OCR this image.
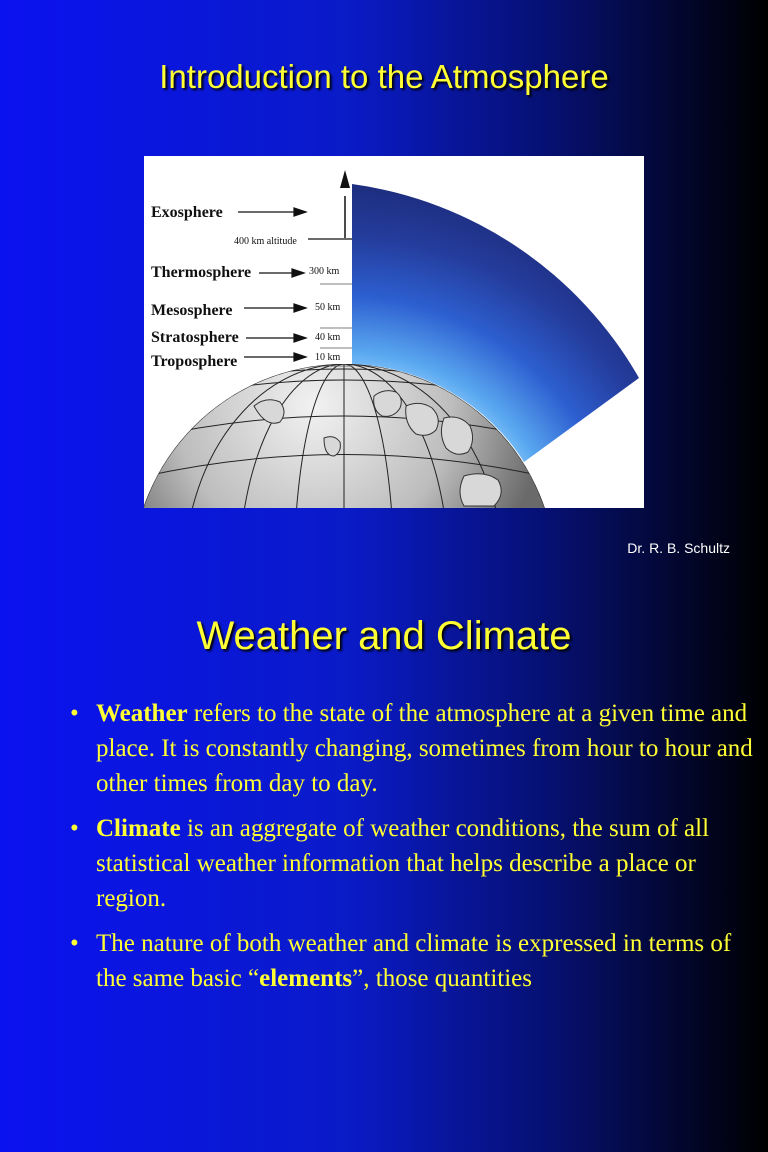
Introduction to the Atmosphere
Exosphere
Thermosphere
Mesosphere
Stratosphere
Troposphere
400 km altitude
300 km
50 km
40 km
10 km
Dr. R. B. Schultz
Weather and Climate
• Weather refers to the state of the atmosphere at a given time and place. It is constantly changing, sometimes from hour to hour and other times from day to day.
• Climate is an aggregate of weather conditions, the sum of all statistical weather information that helps describe a place or region.
• The nature of both weather and climate is expressed in terms of the same basic “elements”, those quantities
